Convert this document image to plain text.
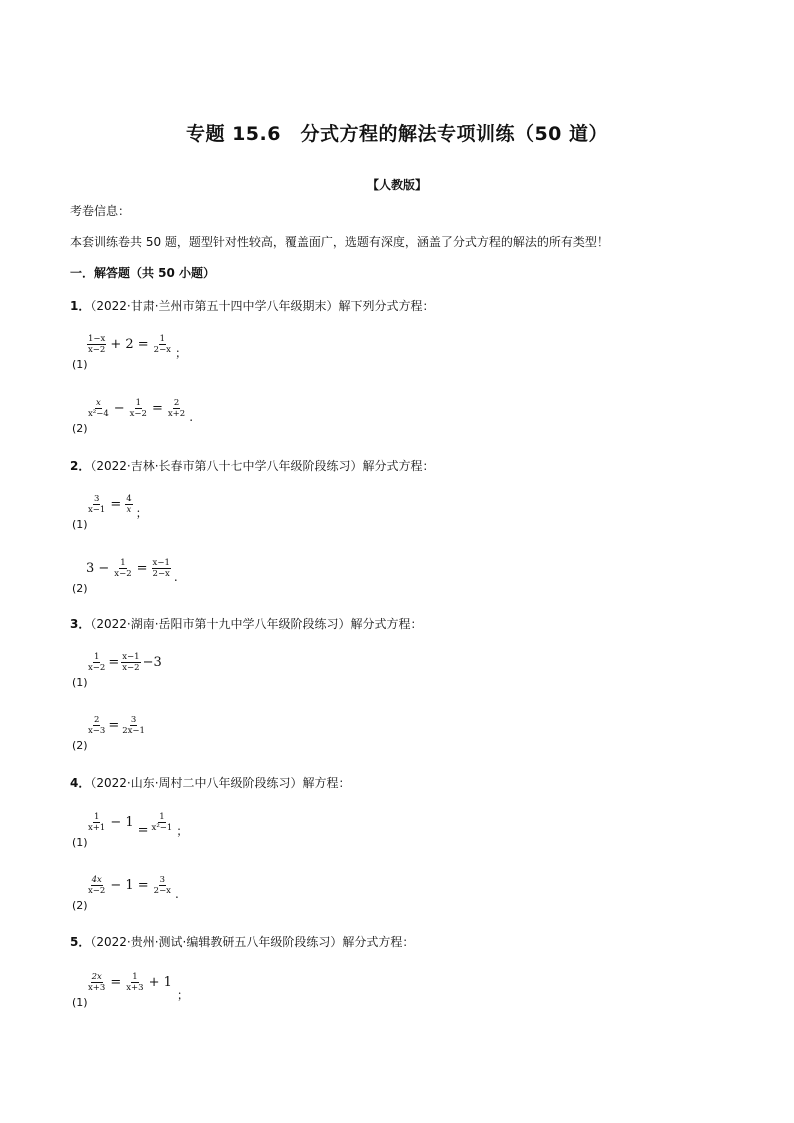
专题 15.6　分式方程的解法专项训练（50 道）
【人教版】
考卷信息：
本套训练卷共 50 题，题型针对性较高，覆盖面广，选题有深度，涵盖了分式方程的解法的所有类型！
一．解答题（共 50 小题）
1．（2022·甘肃·兰州市第五十四中学八年级期末）解下列分式方程：
(1)
$\frac{1-x}{x-2} + 2 = \frac{1}{2-x}$ ；
(2)
$\frac{x}{\text{x²−4}} - \frac{1}{x-2} = \frac{2}{x+2}$ .
2．（2022·吉林·长春市第八十七中学八年级阶段练习）解分式方程：
(1)
$\frac{3}{x-1} = \frac{4}{x}$ ；
(2)
$3 - \frac{1}{x-2} = \frac{x-1}{2-x}$ .
3．（2022·湖南·岳阳市第十九中学八年级阶段练习）解分式方程：
(1)
$\frac{1}{x-2} = \frac{x-1}{x-2} -3$
(2)
$\frac{2}{x-3} = \frac{3}{2x-1}$
4．（2022·山东·周村二中八年级阶段练习）解方程：
(1)
$\frac{1}{x+1} - 1$
= $\frac{1}{\text{x²−1}}$ ；
(2)
$\frac{4x}{x-2} - 1 = \frac{3}{2-x}$ .
5．（2022·贵州·测试·编辑教研五八年级阶段练习）解分式方程：
(1)
$\frac{2x}{x+3} = \frac{1}{x+3} + 1$
；
